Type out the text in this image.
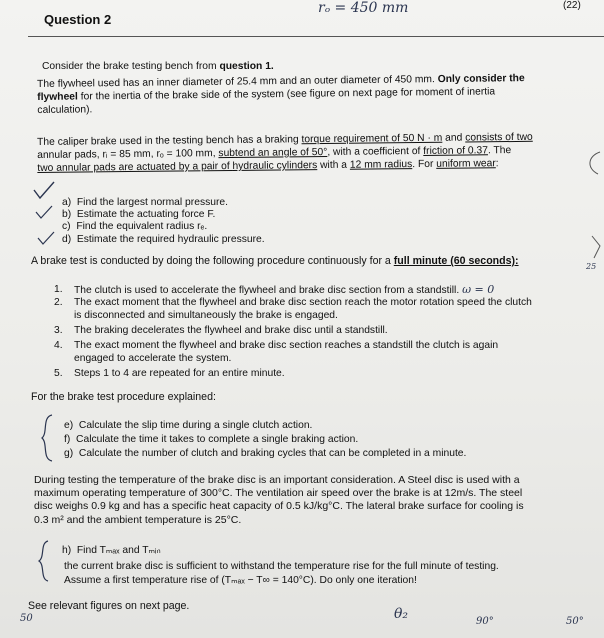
Question 2
rₒ = 450 mm	(22)
Consider the brake testing bench from question 1.
The flywheel used has an inner diameter of 25.4 mm and an outer diameter of 450 mm. Only consider the
flywheel for the inertia of the brake side of the system (see figure on next page for moment of inertia
calculation).
The caliper brake used in the testing bench has a braking torque requirement of 50 N · m and consists of two
annular pads, rᵢ = 85 mm, rₒ = 100 mm, subtend an angle of 50°, with a coefficient of friction of 0.37. The
two annular pads are actuated by a pair of hydraulic cylinders with a 12 mm radius. For uniform wear:
a) Find the largest normal pressure.
b) Estimate the actuating force F.
c) Find the equivalent radius rₑ.
d) Estimate the required hydraulic pressure.
A brake test is conducted by doing the following procedure continuously for a full minute (60 seconds):	25
1. The clutch is used to accelerate the flywheel and brake disc section from a standstill. ω = 0
2. The exact moment that the flywheel and brake disc section reach the motor rotation speed the clutch
is disconnected and simultaneously the brake is engaged.
3. The braking decelerates the flywheel and brake disc until a standstill.
4. The exact moment the flywheel and brake disc section reaches a standstill the clutch is again
engaged to accelerate the system.
5. Steps 1 to 4 are repeated for an entire minute.
For the brake test procedure explained:
e) Calculate the slip time during a single clutch action.
f) Calculate the time it takes to complete a single braking action.
g) Calculate the number of clutch and braking cycles that can be completed in a minute.
During testing the temperature of the brake disc is an important consideration. A Steel disc is used with a
maximum operating temperature of 300°C. The ventilation air speed over the brake is at 12m/s. The steel
disc weighs 0.9 kg and has a specific heat capacity of 0.5 kJ/kg°C. The lateral brake surface for cooling is
0.3 m² and the ambient temperature is 25°C.
h) Find Tₘₐₓ and Tₘᵢₙ
the current brake disc is sufficient to withstand the temperature rise for the full minute of testing.
Assume a first temperature rise of (Tₘₐₓ − T∞ = 140°C). Do only one iteration!
See relevant figures on next page.
50	θ₂	90°	50°
